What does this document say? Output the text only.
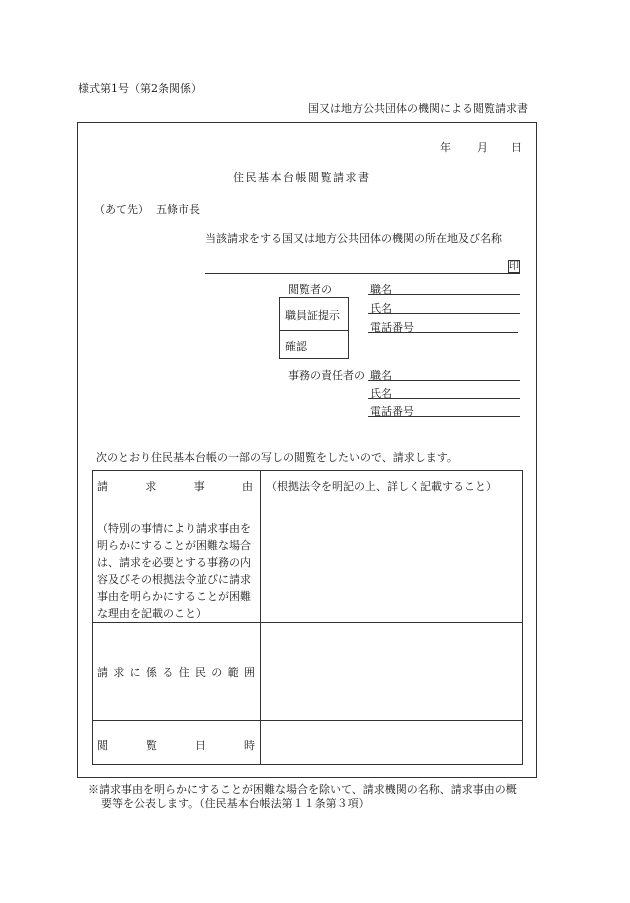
様式第1号（第2条関係）
国又は地方公共団体の機関による閲覧請求書
年 月 日
住民基本台帳閲覧請求書
（あて先） 五條市長
当該請求をする国又は地方公共団体の機関の所在地及び名称
印
閲覧者の	職名
職員証提示
確認
氏名
電話番号
事務の責任者の 職名
氏名
電話番号
次のとおり住民基本台帳の一部の写しの閲覧をしたいので、請求します。
請	求	事	由 （根拠法令を明記の上、詳しく記載すること）
（特別の事情により請求事由を明らかにすることが困難な場合は、請求を必要とする事務の内容及びその根拠法令並びに請求事由を明らかにすることが困難な理由を記載のこと）
請 求 に 係 る 住 民 の 範 囲
閲	覧	日	時
※請求事由を明らかにすることが困難な場合を除いて、請求機関の名称、請求事由の概
要等を公表します。（住民基本台帳法第１１条第３項）
